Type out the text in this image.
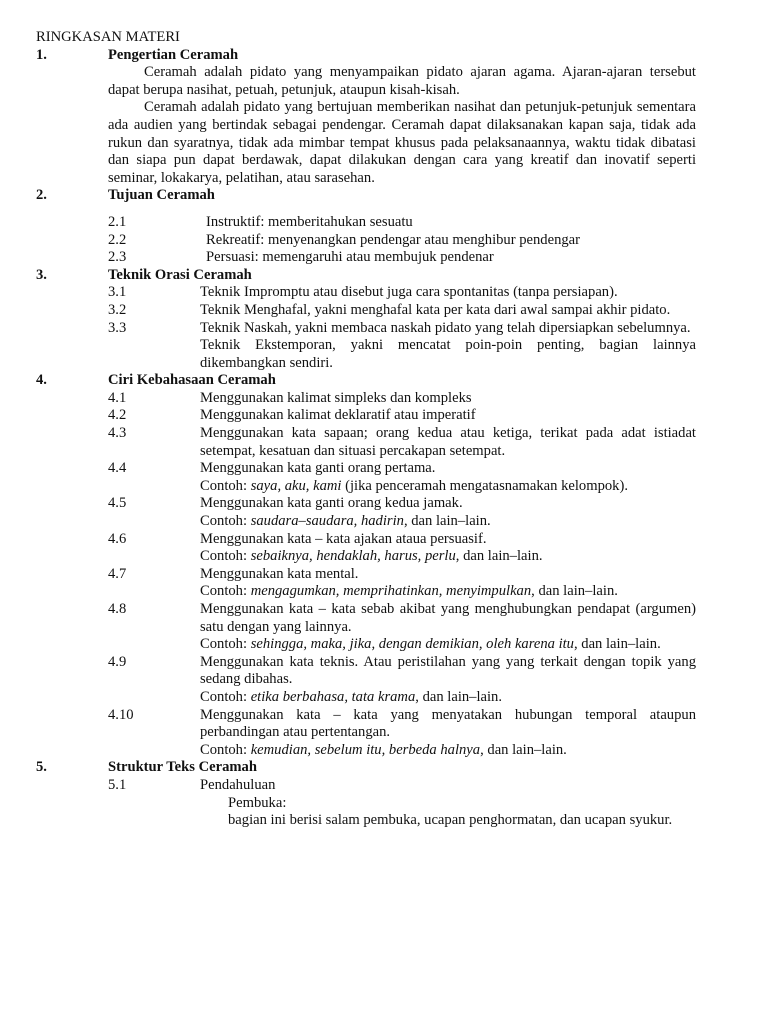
RINGKASAN MATERI
1.	Pengertian Ceramah

Ceramah adalah pidato yang menyampaikan pidato ajaran agama. Ajaran-ajaran tersebut dapat berupa nasihat, petuah, petunjuk, ataupun kisah-kisah.

Ceramah adalah pidato yang bertujuan memberikan nasihat dan petunjuk-petunjuk sementara ada audien yang bertindak sebagai pendengar. Ceramah dapat dilaksanakan kapan saja, tidak ada rukun dan syaratnya, tidak ada mimbar tempat khusus pada pelaksanaannya, waktu tidak dibatasi dan siapa pun dapat berdawak, dapat dilakukan dengan cara yang kreatif dan inovatif seperti seminar, lokakarya, pelatihan, atau sarasehan.

2.	Tujuan Ceramah
2.1	Instruktif: memberitahukan sesuatu
2.2	Rekreatif: menyenangkan pendengar atau menghibur pendengar
2.3	Persuasi: memengaruhi atau membujuk pendenar
3.	Teknik Orasi Ceramah
3.1	Teknik Impromptu atau disebut juga cara spontanitas (tanpa persiapan).
3.2	Teknik Menghafal, yakni menghafal kata per kata dari awal sampai akhir pidato.
3.3	Teknik Naskah, yakni membaca naskah pidato yang telah dipersiapkan sebelumnya.
Teknik Ekstemporan, yakni mencatat poin-poin penting, bagian lainnya dikembangkan sendiri.
4.	Ciri Kebahasaan Ceramah
4.1	Menggunakan kalimat simpleks dan kompleks
4.2	Menggunakan kalimat deklaratif atau imperatif
4.3	Menggunakan kata sapaan; orang kedua atau ketiga, terikat pada adat istiadat setempat, kesatuan dan situasi percakapan setempat.
4.4	Menggunakan kata ganti orang pertama.
Contoh: saya, aku, kami (jika penceramah mengatasnamakan kelompok).
4.5	Menggunakan kata ganti orang kedua jamak.
Contoh: saudara–saudara, hadirin, dan lain–lain.
4.6	Menggunakan kata – kata ajakan ataua persuasif.
Contoh: sebaiknya, hendaklah, harus, perlu, dan lain–lain.
4.7	Menggunakan kata mental.
Contoh: mengagumkan, memprihatinkan, menyimpulkan, dan lain–lain.
4.8	Menggunakan kata – kata sebab akibat yang menghubungkan pendapat (argumen) satu dengan yang lainnya.
Contoh: sehingga, maka, jika, dengan demikian, oleh karena itu, dan lain–lain.
4.9	Menggunakan kata teknis. Atau peristilahan yang yang terkait dengan topik yang sedang dibahas.
Contoh: etika berbahasa, tata krama, dan lain–lain.
4.10	Menggunakan kata – kata yang menyatakan hubungan temporal ataupun perbandingan atau pertentangan.
Contoh: kemudian, sebelum itu, berbeda halnya, dan lain–lain.
5.	Struktur Teks Ceramah
5.1	Pendahuluan
Pembuka:
bagian ini berisi salam pembuka, ucapan penghormatan, dan ucapan syukur.
